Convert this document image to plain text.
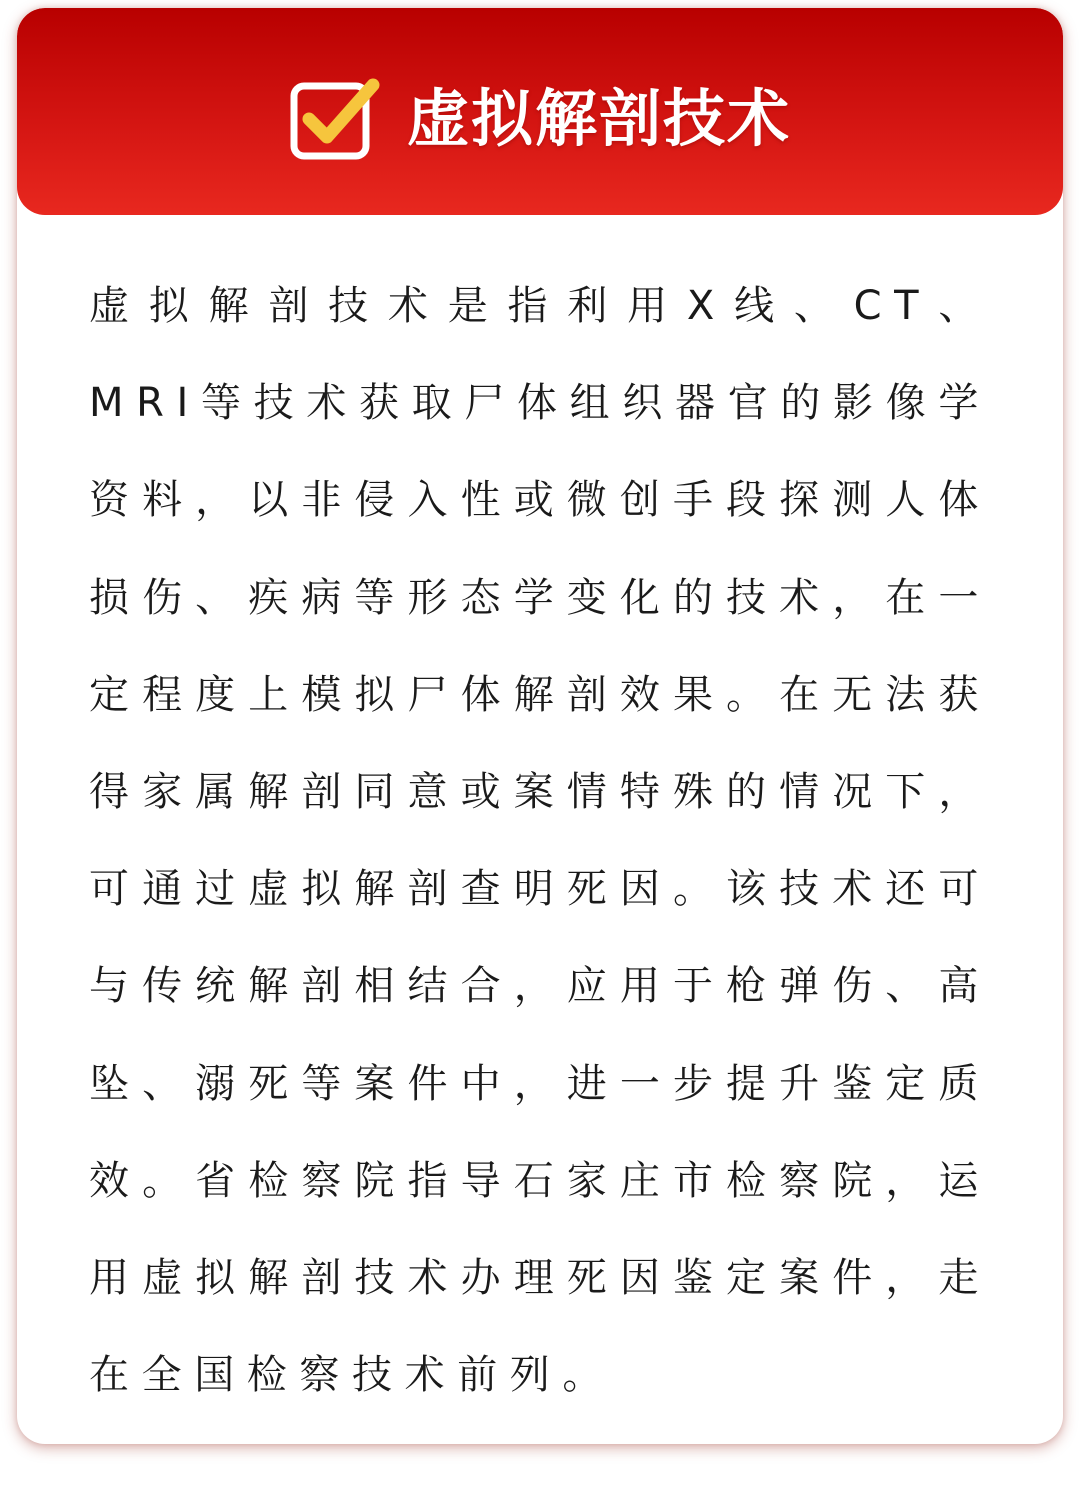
虚拟解剖技术

虚拟解剖技术是指利用X线、CT、MRI等技术获取尸体组织器官的影像学资料，以非侵入性或微创手段探测人体损伤、疾病等形态学变化的技术，在一定程度上模拟尸体解剖效果。在无法获得家属解剖同意或案情特殊的情况下，可通过虚拟解剖查明死因。该技术还可与传统解剖相结合，应用于枪弹伤、高坠、溺死等案件中，进一步提升鉴定质效。省检察院指导石家庄市检察院，运用虚拟解剖技术办理死因鉴定案件，走在全国检察技术前列。
